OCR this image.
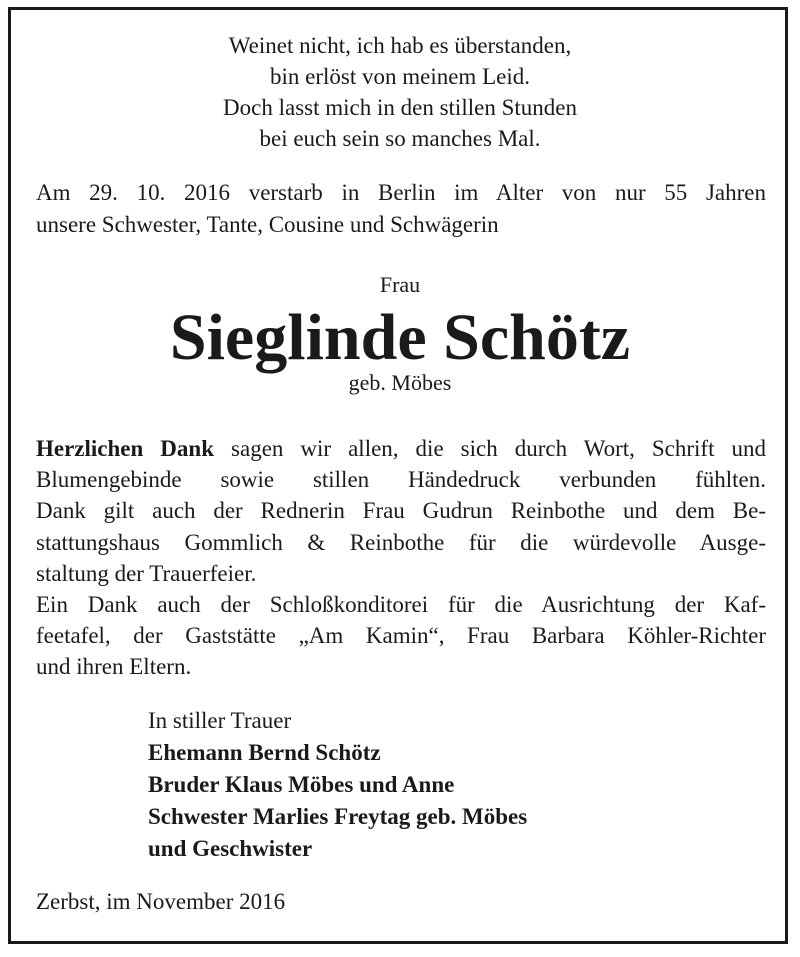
Weinet nicht, ich hab es überstanden,
bin erlöst von meinem Leid.
Doch lasst mich in den stillen Stunden
bei euch sein so manches Mal.
Am 29. 10. 2016 verstarb in Berlin im Alter von nur 55 Jahren
unsere Schwester, Tante, Cousine und Schwägerin
Frau
Sieglinde Schötz
geb. Möbes
Herzlichen Dank sagen wir allen, die sich durch Wort, Schrift und
Blumengebinde sowie stillen Händedruck verbunden fühlten.
Dank gilt auch der Rednerin Frau Gudrun Reinbothe und dem Be-
stattungshaus Gommlich & Reinbothe für die würdevolle Ausge-
staltung der Trauerfeier.
Ein Dank auch der Schloßkonditorei für die Ausrichtung der Kaf-
feetafel, der Gaststätte „Am Kamin“, Frau Barbara Köhler-Richter
und ihren Eltern.
In stiller Trauer
Ehemann Bernd Schötz
Bruder Klaus Möbes und Anne
Schwester Marlies Freytag geb. Möbes
und Geschwister
Zerbst, im November 2016
